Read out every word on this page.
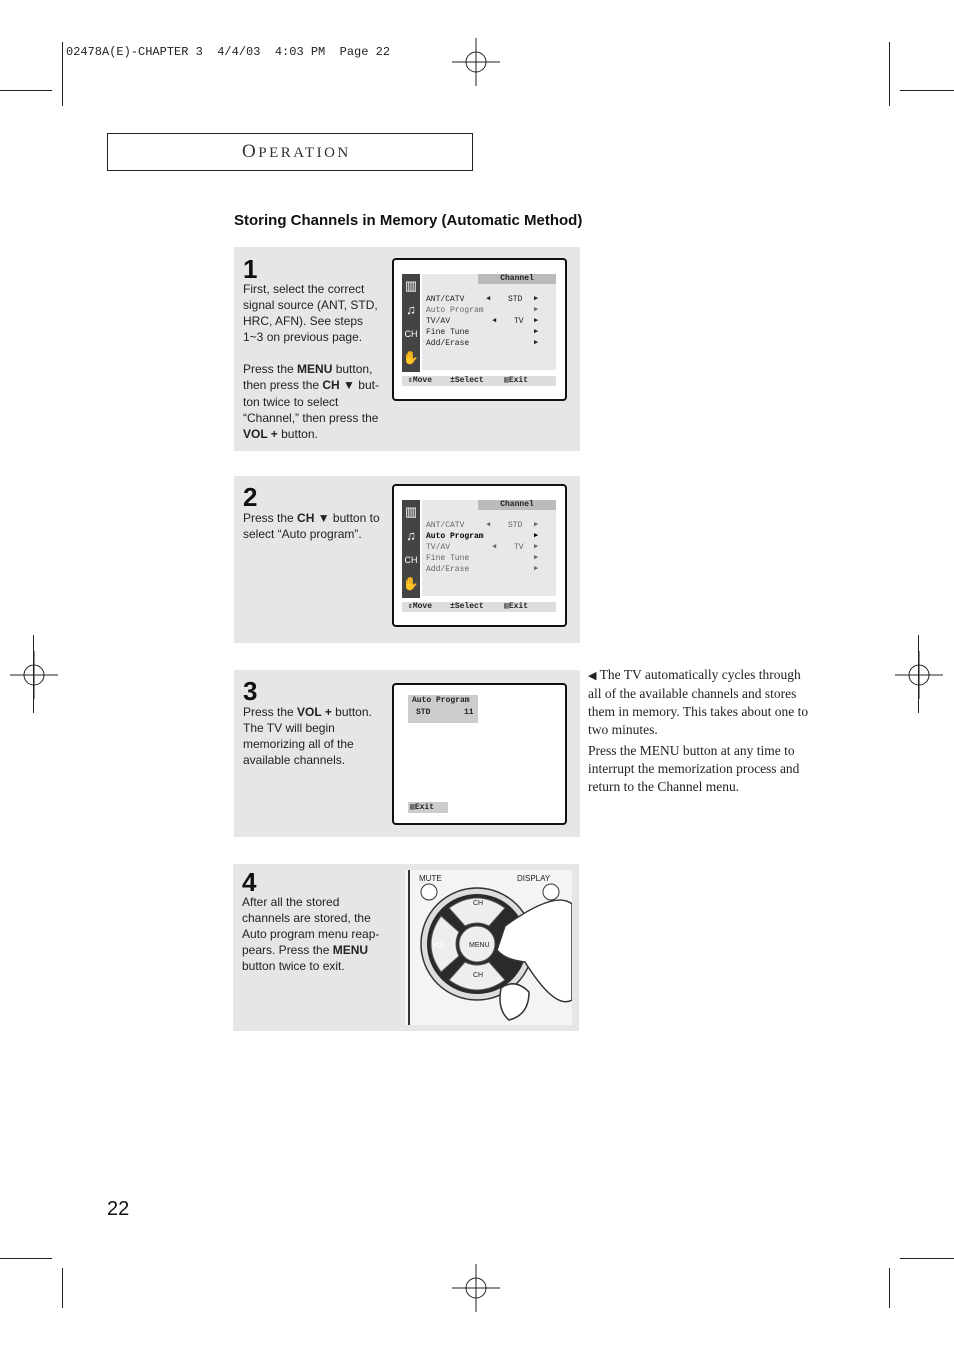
02478A(E)-CHAPTER 3  4/4/03  4:03 PM  Page 22
OPERATION
Storing Channels in Memory (Automatic Method)
1
First, select the correct signal source (ANT, STD, HRC, AFN). See steps 1~3 on previous page.
Press the MENU button, then press the CH ▼ but- ton twice to select “Channel,” then press the VOL + button.
▥
♫
CH
✋
Channel
ANT/CATV	◀ STD ▶
Auto Program	▶
TV/AV	◀ TV ▶
Fine Tune	▶
Add/Erase	▶
⇕ Move ± Select	▥ Exit
2
Press the CH ▼ button to select “Auto program”.
▥
♫
CH
✋
Channel
ANT/CATV	◀ STD ▶
Auto Program	▶
TV/AV	◀ TV ▶
Fine Tune	▶
Add/Erase	▶
⇕ Move ± Select	▥ Exit
3
Press the VOL + button. The TV will begin memorizing all of the available channels.
Auto Program
STD	11
▥Exit
◀ The TV automatically cycles through all of the available channels and stores them in memory. This takes about one to two minutes.
Press the MENU button at any time to interrupt the memorization process and return to the Channel menu.
4
After all the stored channels are stored, the Auto program menu reap- pears. Press the MENU button twice to exit.
MUTE	DISPLAY
CH
VOL	MENU
CH
22
